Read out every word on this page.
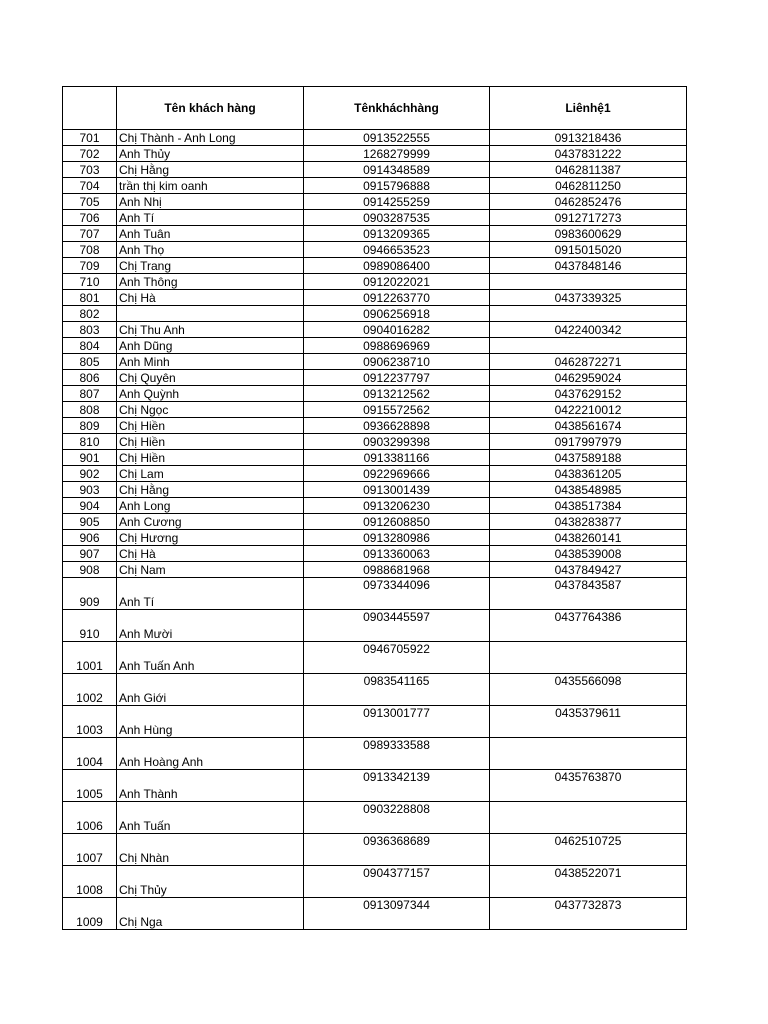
	Tên khách hàng	Tênkháchhàng	Liênhệ1
701	Chị Thành - Anh Long	0913522555	0913218436
702	Anh Thủy	1268279999	0437831222
703	Chị Hằng	0914348589	0462811387
704	trần thị kim oanh	0915796888	0462811250
705	Anh Nhị	0914255259	0462852476
706	Anh Tí	0903287535	0912717273
707	Anh Tuân	0913209365	0983600629
708	Anh Thọ	0946653523	0915015020
709	Chị Trang	0989086400	0437848146
710	Anh Thông	0912022021	
801	Chị Hà	0912263770	0437339325
802		0906256918	
803	Chị Thu Anh	0904016282	0422400342
804	Anh Dũng	0988696969	
805	Anh Minh	0906238710	0462872271
806	Chị Quyên	0912237797	0462959024
807	Anh Quỳnh	0913212562	0437629152
808	Chị Ngọc	0915572562	0422210012
809	Chị Hiền	0936628898	0438561674
810	Chị Hiền	0903299398	0917997979
901	Chị Hiền	0913381166	0437589188
902	Chị Lam	0922969666	0438361205
903	Chị Hằng	0913001439	0438548985
904	Anh Long	0913206230	0438517384
905	Anh Cương	0912608850	0438283877
906	Chị Hương	0913280986	0438260141
907	Chị Hà	0913360063	0438539008
908	Chị Nam	0988681968	0437849427
909	Anh Tí	0973344096	0437843587
910	Anh Mười	0903445597	0437764386
1001	Anh Tuấn Anh	0946705922	
1002	Anh Giới	0983541165	0435566098
1003	Anh Hùng	0913001777	0435379611
1004	Anh Hoàng Anh	0989333588	
1005	Anh Thành	0913342139	0435763870
1006	Anh Tuấn	0903228808	
1007	Chị Nhàn	0936368689	0462510725
1008	Chị Thủy	0904377157	0438522071
1009	Chị Nga	0913097344	0437732873
